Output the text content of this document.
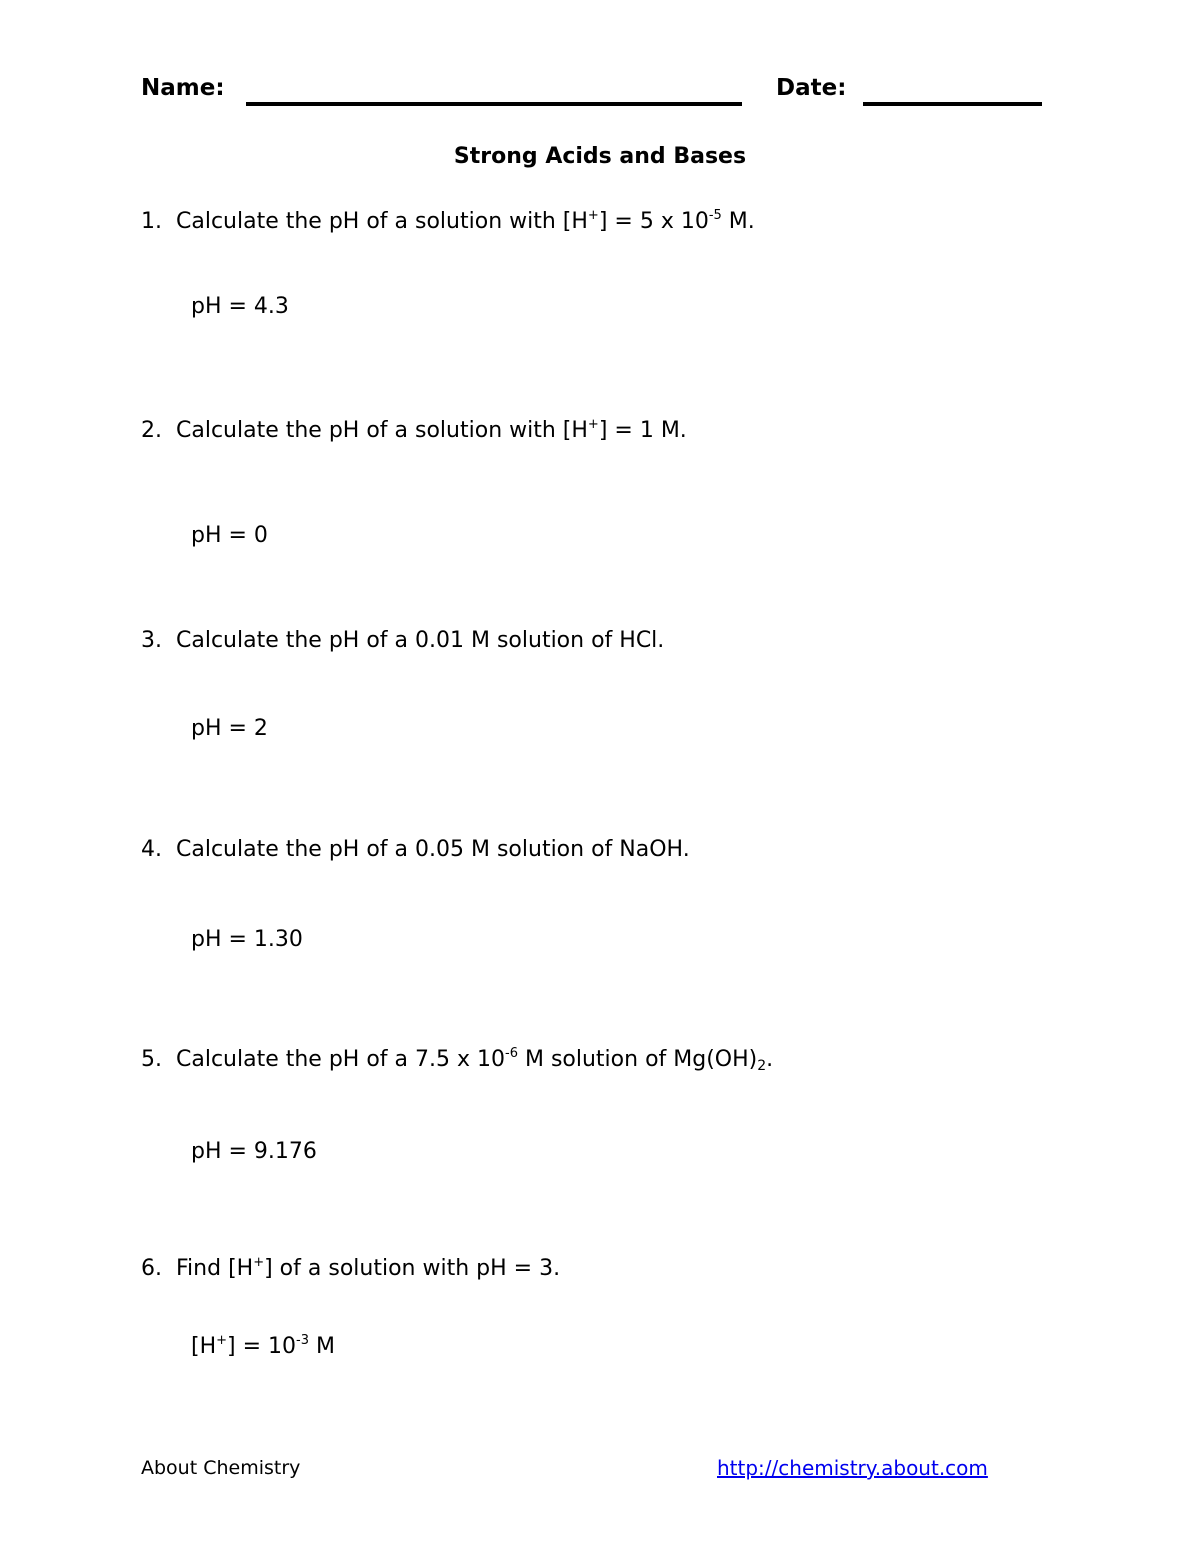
Name:	Date:
Strong Acids and Bases
1. Calculate the pH of a solution with [H+] = 5 x $10^{-5}$ M.
pH = 4.3
2. Calculate the pH of a solution with [H+] = 1 M.
pH = 0
3. Calculate the pH of a 0.01 M solution of HCl.
pH = 2
4. Calculate the pH of a 0.05 M solution of NaOH.
pH = 1.30
5. Calculate the pH of a 7.5 x $10^{-6}$ M solution of $Mg(OH)_2$.
pH = 9.176
6. Find [H+] of a solution with pH = 3.
$[H^+] = 10^{-3}$ M
About Chemistry	http://chemistry.about.com
